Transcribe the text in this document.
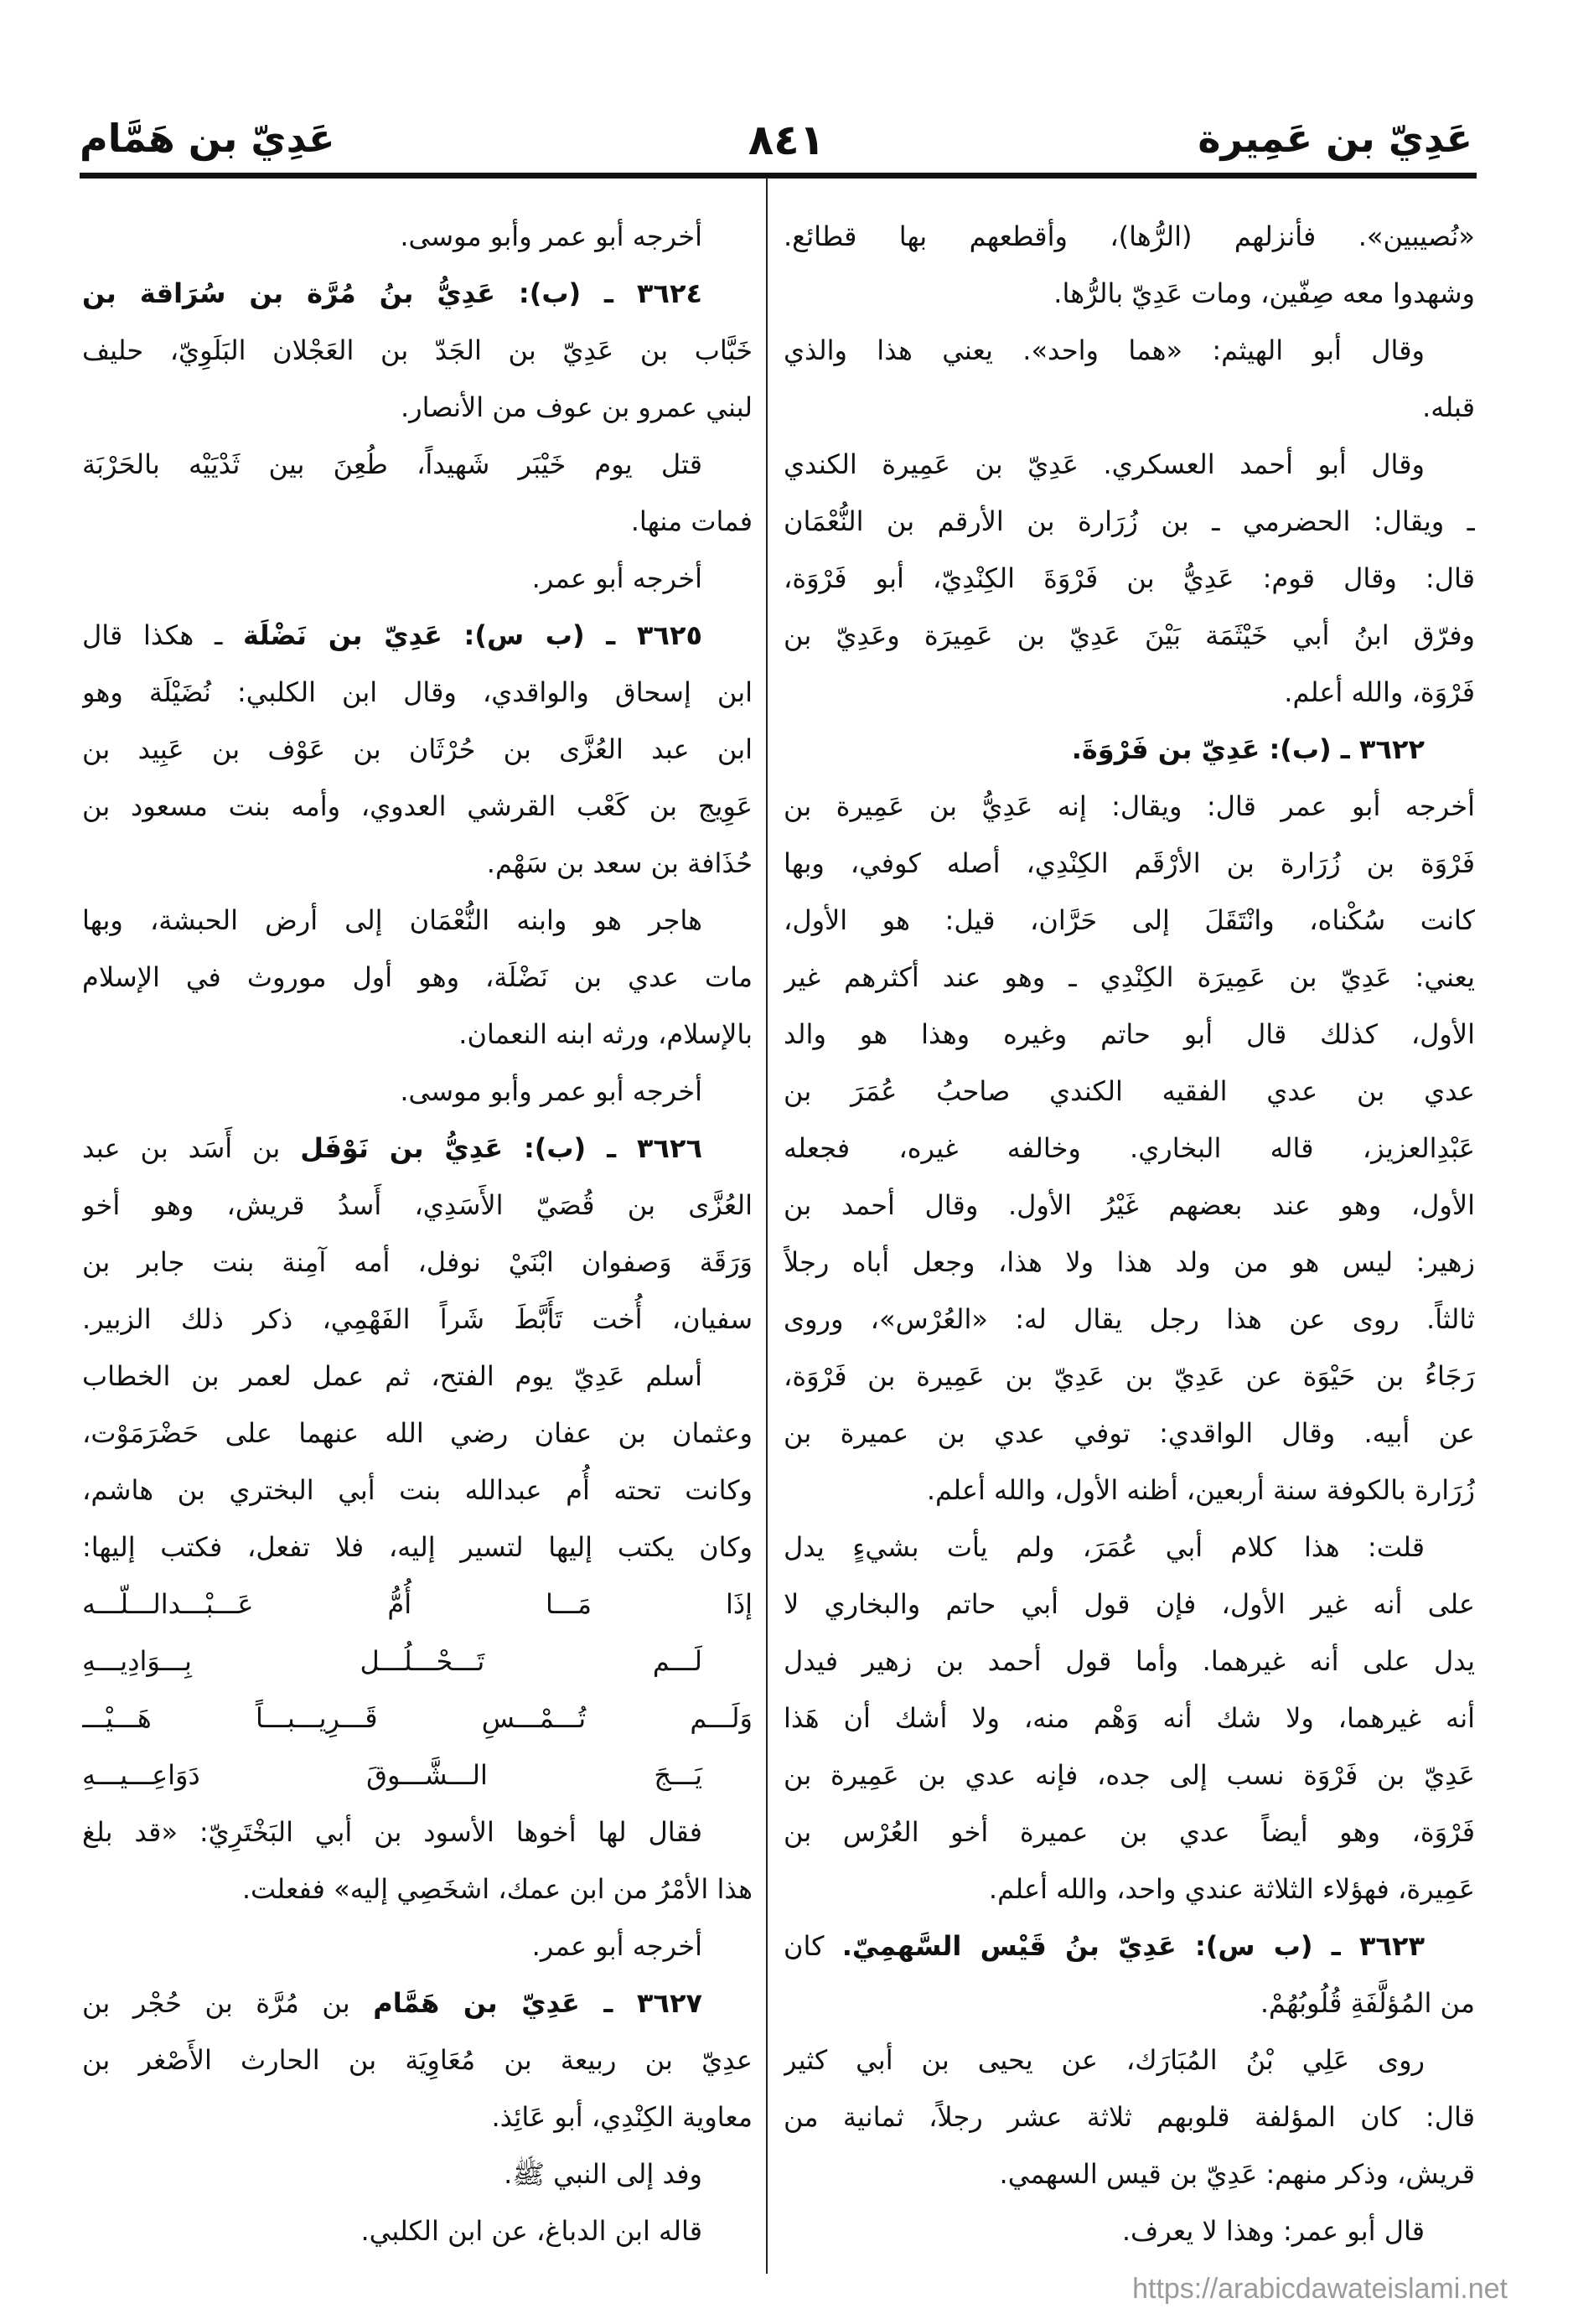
عَدِيّ بن عَمِيرة
٨٤١
عَدِيّ بن هَمَّام
«نُصيبين». فأنزلهم (الرُّها)، وأقطعهم بها قطائع.
وشهدوا معه صِفّين، ومات عَدِيّ بالرُّها.
وقال أبو الهيثم: «هما واحد». يعني هذا والذي
قبله.
وقال أبو أحمد العسكري. عَدِيّ بن عَمِيرة الكندي
ـ ويقال: الحضرمي ـ بن زُرَارة بن الأرقم بن النُّعْمَان
قال: وقال قوم: عَدِيُّ بن فَرْوَةَ الكِنْدِيّ، أبو فَرْوَة،
وفرّق ابنُ أبي خَيْثَمَة بَيْنَ عَدِيّ بن عَمِيرَة وعَدِيّ بن
فَرْوَة، والله أعلم.
٣٦٢٢ ـ (ب): عَدِيّ بن فَرْوَةَ.
أخرجه أبو عمر قال: ويقال: إنه عَدِيُّ بن عَمِيرة بن
فَرْوَة بن زُرَارة بن الأرْقَم الكِنْدِي، أصله كوفي، وبها
كانت سُكْناه، وانْتَقَلَ إلى حَرَّان، قيل: هو الأول،
يعني: عَدِيّ بن عَمِيرَة الكِنْدِي ـ وهو عند أكثرهم غير
الأول، كذلك قال أبو حاتم وغيره وهذا هو والد
عدي بن عدي الفقيه الكندي صاحبُ عُمَرَ بن
عَبْدِالعزيز، قاله البخاري. وخالفه غيره، فجعله
الأول، وهو عند بعضهم غَيْرُ الأول. وقال أحمد بن
زهير: ليس هو من ولد هذا ولا هذا، وجعل أباه رجلاً
ثالثاً. روى عن هذا رجل يقال له: «العُرْس»، وروى
رَجَاءُ بن حَيْوَة عن عَدِيّ بن عَدِيّ بن عَمِيرة بن فَرْوَة،
عن أبيه. وقال الواقدي: توفي عدي بن عميرة بن
زُرَارة بالكوفة سنة أربعين، أظنه الأول، والله أعلم.
قلت: هذا كلام أبي عُمَرَ، ولم يأت بشيءٍ يدل
على أنه غير الأول، فإن قول أبي حاتم والبخاري لا
يدل على أنه غيرهما. وأما قول أحمد بن زهير فيدل
أنه غيرهما، ولا شك أنه وَهْم منه، ولا أشك أن هَذا
عَدِيّ بن فَرْوَة نسب إلى جده، فإنه عدي بن عَمِيرة بن
فَرْوَة، وهو أيضاً عدي بن عميرة أخو العُرْس بن
عَمِيرة، فهؤلاء الثلاثة عندي واحد، والله أعلم.
٣٦٢٣ ـ (ب س): عَدِيّ بنُ قَيْس السَّهمِيّ. كان
من المُؤلَّفَةِ قُلُوبُهُمْ.
روى عَلِي بْنُ المُبَارَك، عن يحيى بن أبي كثير
قال: كان المؤلفة قلوبهم ثلاثة عشر رجلاً، ثمانية من
قريش، وذكر منهم: عَدِيّ بن قيس السهمي.
قال أبو عمر: وهذا لا يعرف.
أخرجه أبو عمر وأبو موسى.
٣٦٢٤ ـ (ب): عَدِيُّ بنُ مُرَّة بن سُرَاقة بن
خَبَّاب بن عَدِيّ بن الجَدّ بن العَجْلان البَلَوِيّ، حليف
لبني عمرو بن عوف من الأنصار.
قتل يوم خَيْبَر شَهيداً، طُعِنَ بين ثَدْيَيْه بالحَرْبَة
فمات منها.
أخرجه أبو عمر.
٣٦٢٥ ـ (ب س): عَدِيّ بن نَضْلَة ـ هكذا قال
ابن إسحاق والواقدي، وقال ابن الكلبي: نُضَيْلَة وهو
ابن عبد العُزَّى بن حُرْثَان بن عَوْف بن عَبِيد بن
عَوِيج بن كَعْب القرشي العدوي، وأمه بنت مسعود بن
حُذَافة بن سعد بن سَهْم.
هاجر هو وابنه النُّعْمَان إلى أرض الحبشة، وبها
مات عدي بن نَضْلَة، وهو أول موروث في الإسلام
بالإسلام، ورثه ابنه النعمان.
أخرجه أبو عمر وأبو موسى.
٣٦٢٦ ـ (ب): عَدِيُّ بن نَوْفَل بن أَسَد بن عبد
العُزَّى بن قُصَيّ الأَسَدِي، أَسدُ قريش، وهو أخو
وَرَقَة وَصفوان ابْنَيْ نوفل، أمه آمِنة بنت جابر بن
سفيان، أُخت تَأَبَّطَ شَراً الفَهْمِي، ذكر ذلك الزبير.
أسلم عَدِيّ يوم الفتح، ثم عمل لعمر بن الخطاب
وعثمان بن عفان رضي الله عنهما على حَضْرَمَوْت،
وكانت تحته أُم عبدالله بنت أبي البختري بن هاشم،
وكان يكتب إليها لتسير إليه، فلا تفعل، فكتب إليها:
إذَا مَـــا أُمُّ عَـــبْـــدالـــلّـــه
لَـــم تَـــحْـــلُـــل بِـــوَادِيـــهِ
وَلَـــم تُـــمْـــسِ قَـــرِيـــبـــاً هَـــيْـــ
يَـــجَ الـــشَّـــوقَ دَوَاعِـــيـــهِ
فقال لها أخوها الأسود بن أبي البَخْتَرِيّ: «قد بلغ
هذا الأمْرُ من ابن عمك، اشخَصِي إليه» ففعلت.
أخرجه أبو عمر.
٣٦٢٧ ـ عَدِيّ بن هَمَّام بن مُرَّة بن حُجْر بن
عدِيّ بن ربيعة بن مُعَاوِيَة بن الحارث الأَصْغر بن
معاوية الكِنْدِي، أبو عَائِذ.
وفد إلى النبي ﷺ.
قاله ابن الدباغ، عن ابن الكلبي.
https://arabicdawateislami.net
